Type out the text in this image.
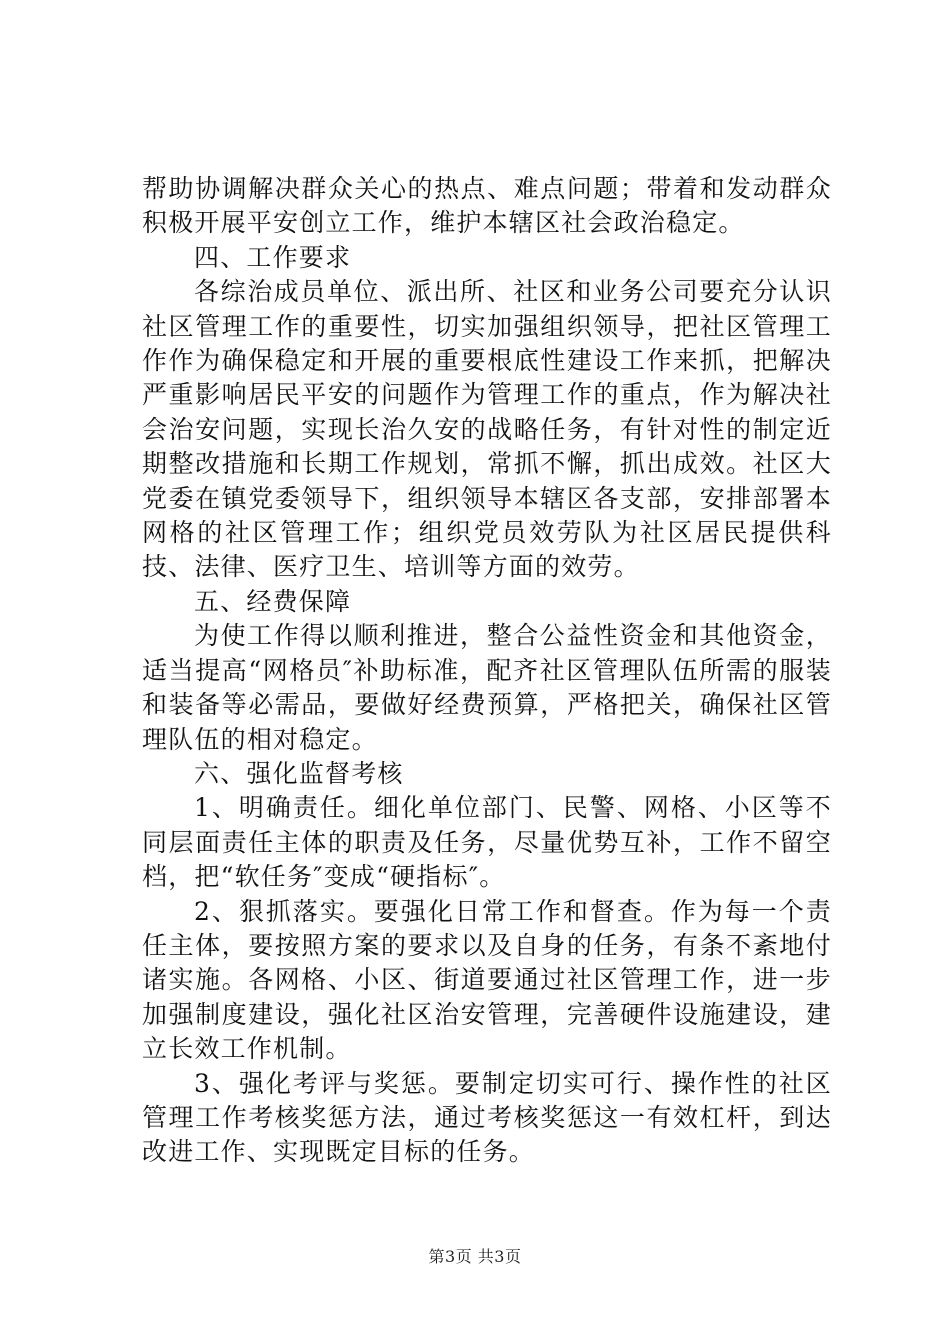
帮助协调解决群众关心的热点、难点问题；带着和发动群众积极开展平安创立工作，维护本辖区社会政治稳定。

四、工作要求

各综治成员单位、派出所、社区和业务公司要充分认识社区管理工作的重要性，切实加强组织领导，把社区管理工作作为确保稳定和开展的重要根底性建设工作来抓，把解决严重影响居民平安的问题作为管理工作的重点，作为解决社会治安问题，实现长治久安的战略任务，有针对性的制定近期整改措施和长期工作规划，常抓不懈，抓出成效。社区大党委在镇党委领导下，组织领导本辖区各支部，安排部署本网格的社区管理工作；组织党员效劳队为社区居民提供科技、法律、医疗卫生、培训等方面的效劳。

五、经费保障

为使工作得以顺利推进，整合公益性资金和其他资金，适当提高“网格员″补助标准，配齐社区管理队伍所需的服装和装备等必需品，要做好经费预算，严格把关，确保社区管理队伍的相对稳定。

六、强化监督考核

1、明确责任。细化单位部门、民警、网格、小区等不同层面责任主体的职责及任务，尽量优势互补，工作不留空档，把“软任务″变成“硬指标″。

2、狠抓落实。要强化日常工作和督查。作为每一个责任主体，要按照方案的要求以及自身的任务，有条不紊地付诸实施。各网格、小区、街道要通过社区管理工作，进一步加强制度建设，强化社区治安管理，完善硬件设施建设，建立长效工作机制。

3、强化考评与奖惩。要制定切实可行、操作性的社区管理工作考核奖惩方法，通过考核奖惩这一有效杠杆，到达改进工作、实现既定目标的任务。

第3页 共3页
